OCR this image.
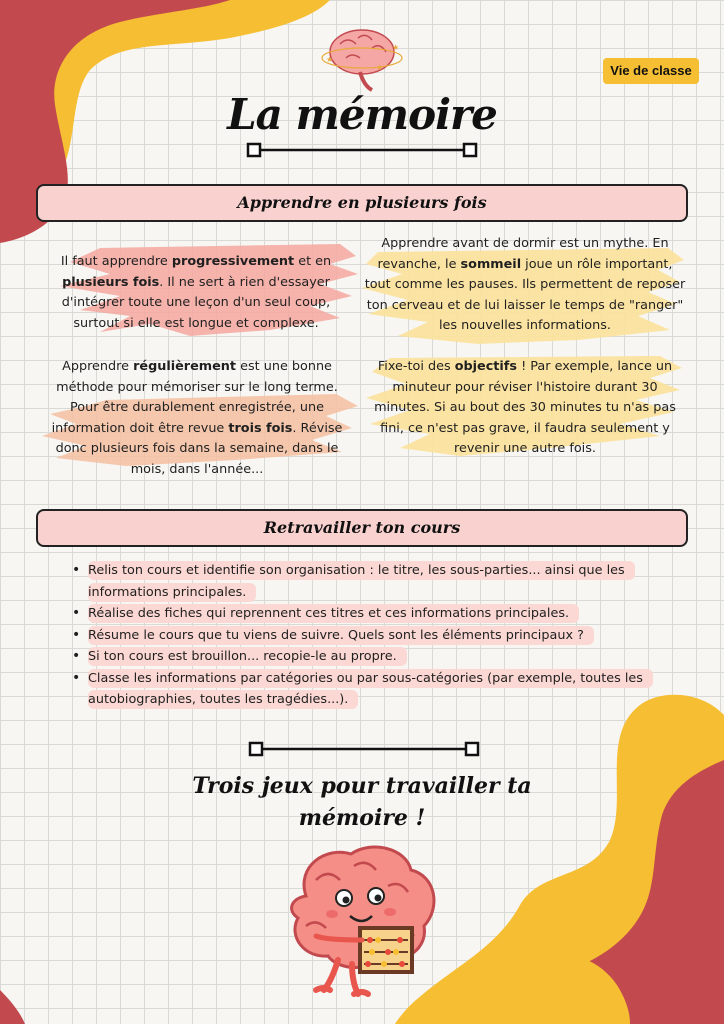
★
★
★	Vie de classe
La mémoire
Apprendre en plusieurs fois
Il faut apprendre progressivement et en plusieurs fois. Il ne sert à rien d'essayer d'intégrer toute une leçon d'un seul coup, surtout si elle est longue et complexe.
Apprendre régulièrement est une bonne méthode pour mémoriser sur le long terme. Pour être durablement enregistrée, une information doit être revue trois fois. Révise donc plusieurs fois dans la semaine, dans le mois, dans l'année...
Apprendre avant de dormir est un mythe. En revanche, le sommeil joue un rôle important, tout comme les pauses. Ils permettent de reposer ton cerveau et de lui laisser le temps de "ranger" les nouvelles informations.
Fixe-toi des objectifs ! Par exemple, lance un minuteur pour réviser l'histoire durant 30 minutes. Si au bout des 30 minutes tu n'as pas fini, ce n'est pas grave, il faudra seulement y revenir une autre fois.
Retravailler ton cours
• Relis ton cours et identifie son organisation : le titre, les sous-parties... ainsi que les informations principales.
• Réalise des fiches qui reprennent ces titres et ces informations principales.
• Résume le cours que tu viens de suivre. Quels sont les éléments principaux ?
• Si ton cours est brouillon... recopie-le au propre.
• Classe les informations par catégories ou par sous-catégories (par exemple, toutes les autobiographies, toutes les tragédies...).
Trois jeux pour travailler ta mémoire !
